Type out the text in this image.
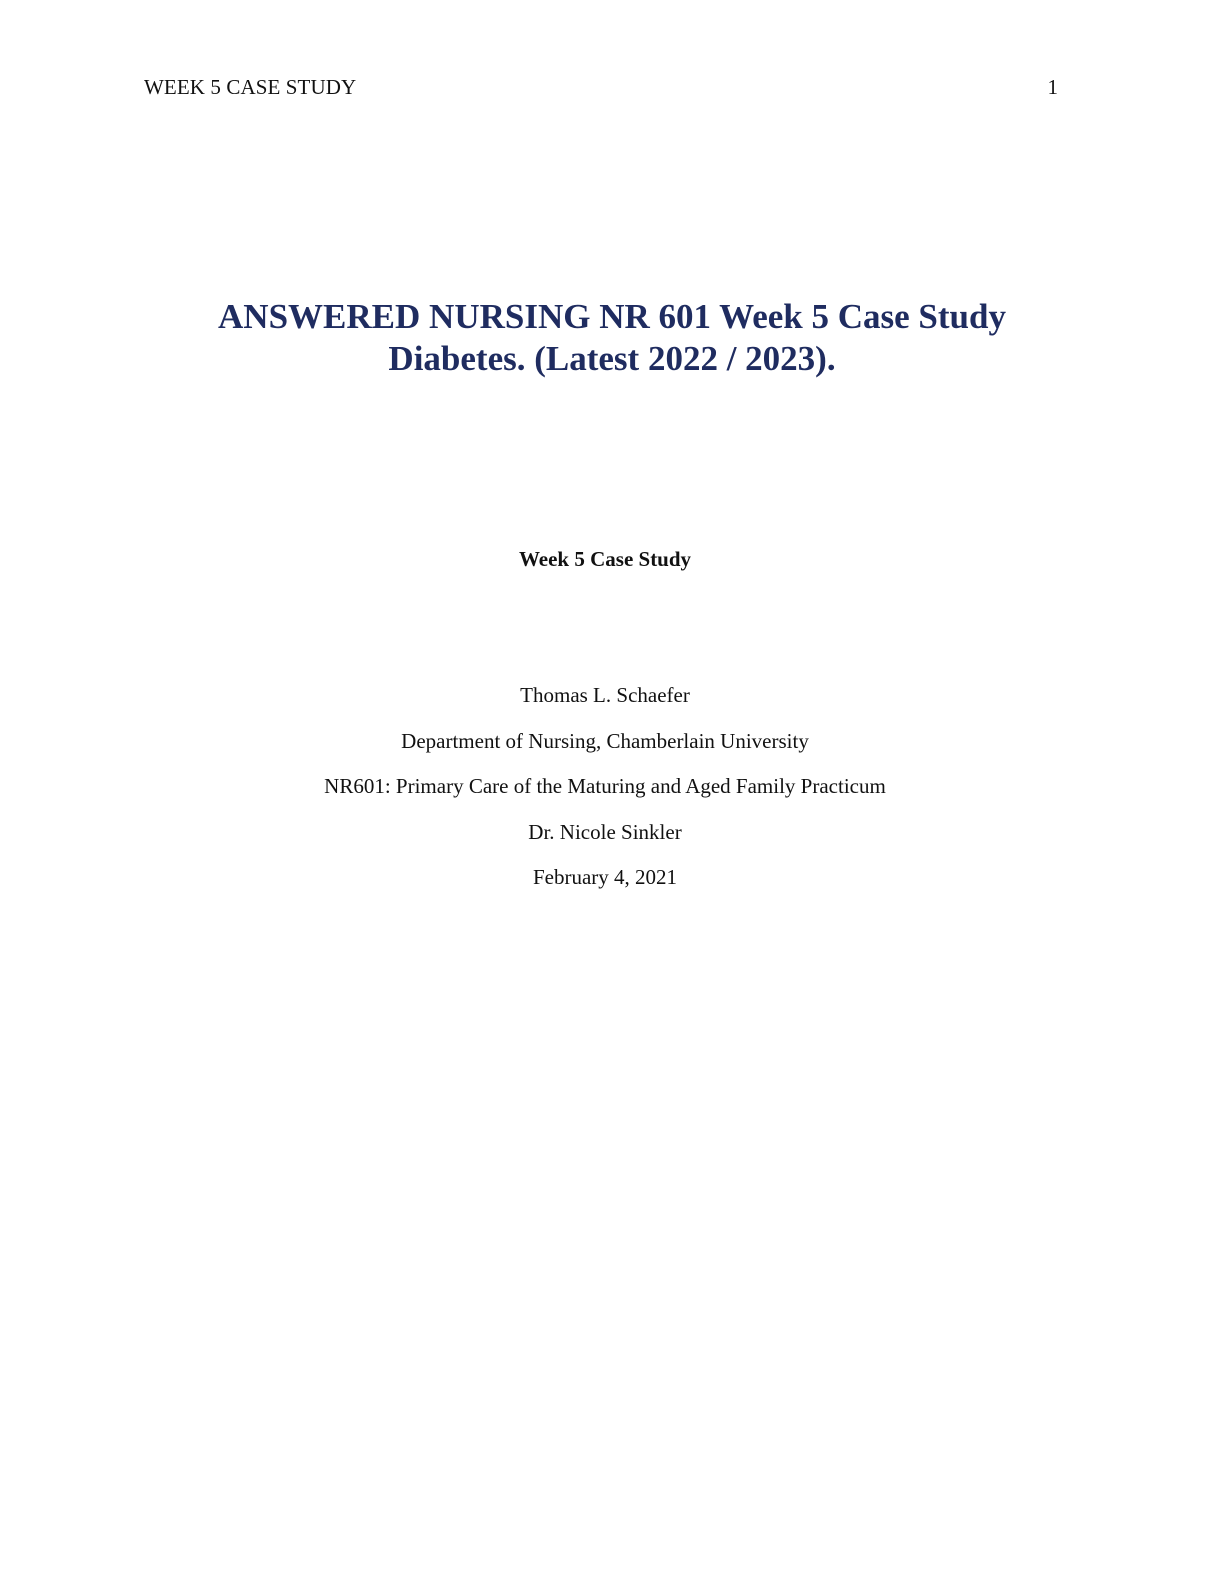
WEEK 5 CASE STUDY	1
ANSWERED NURSING NR 601 Week 5 Case Study
Diabetes. (Latest 2022 / 2023).
Week 5 Case Study
Thomas L. Schaefer
Department of Nursing, Chamberlain University
NR601: Primary Care of the Maturing and Aged Family Practicum
Dr. Nicole Sinkler
February 4, 2021
